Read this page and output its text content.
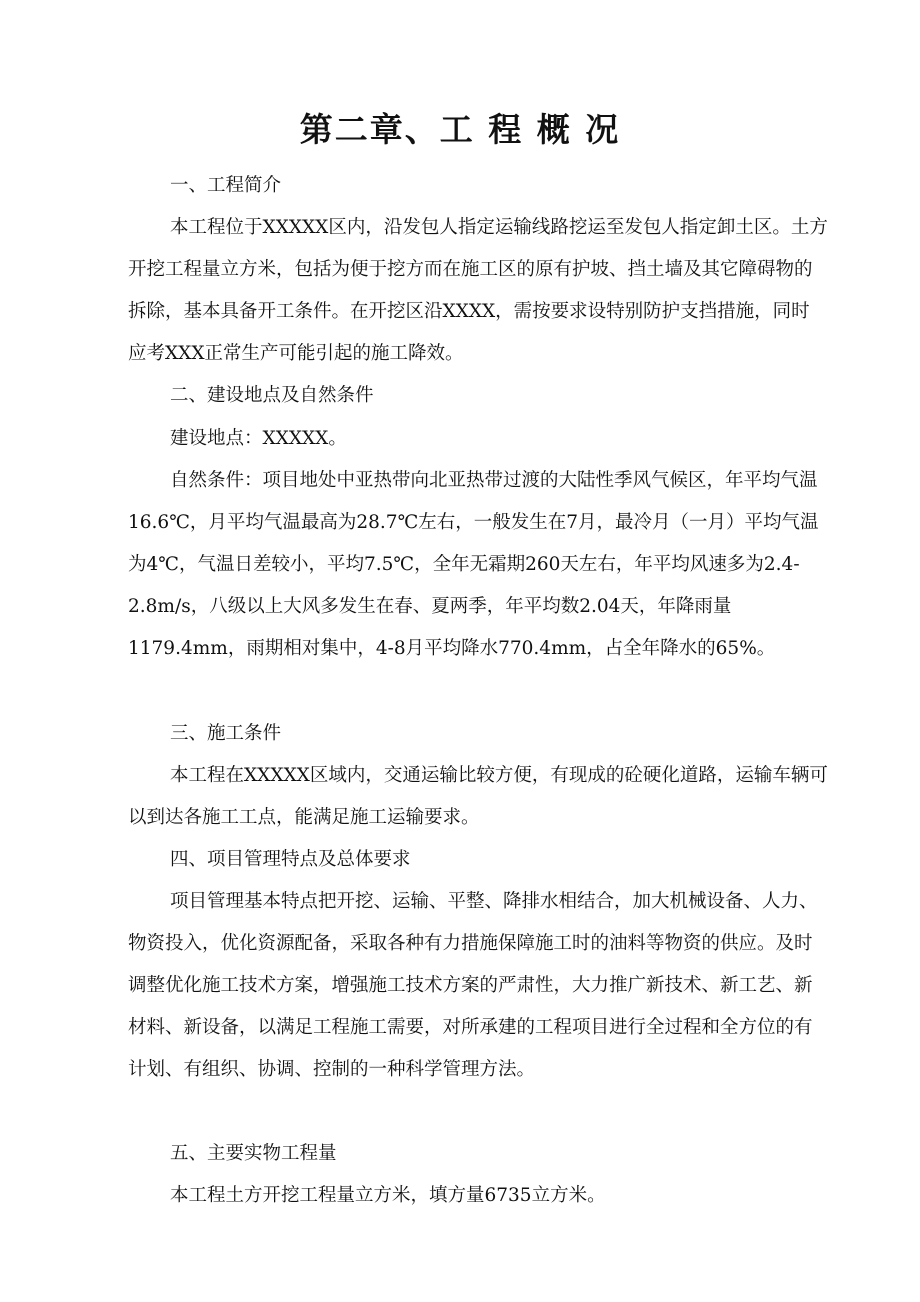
第二章、工 程 概 况
一、工程简介
本工程位于XXXXX区内，沿发包人指定运输线路挖运至发包人指定卸土区。土方开挖工程量立方米，包括为便于挖方而在施工区的原有护坡、挡土墙及其它障碍物的拆除，基本具备开工条件。在开挖区沿XXXX，需按要求设特别防护支挡措施，同时应考XXX正常生产可能引起的施工降效。
二、建设地点及自然条件
建设地点：XXXXX。
自然条件：项目地处中亚热带向北亚热带过渡的大陆性季风气候区，年平均气温16.6℃，月平均气温最高为28.7℃左右，一般发生在7月，最冷月（一月）平均气温为4℃，气温日差较小，平均7.5℃，全年无霜期260天左右，年平均风速多为2.4-2.8m/s，八级以上大风多发生在春、夏两季，年平均数2.04天，年降雨量1179.4mm，雨期相对集中，4-8月平均降水770.4mm，占全年降水的65%。
三、施工条件
本工程在XXXXX区域内，交通运输比较方便，有现成的砼硬化道路，运输车辆可以到达各施工工点，能满足施工运输要求。
四、项目管理特点及总体要求
项目管理基本特点把开挖、运输、平整、降排水相结合，加大机械设备、人力、物资投入，优化资源配备，采取各种有力措施保障施工时的油料等物资的供应。及时调整优化施工技术方案，增强施工技术方案的严肃性，大力推广新技术、新工艺、新材料、新设备，以满足工程施工需要，对所承建的工程项目进行全过程和全方位的有计划、有组织、协调、控制的一种科学管理方法。
五、主要实物工程量
本工程土方开挖工程量立方米，填方量6735立方米。
